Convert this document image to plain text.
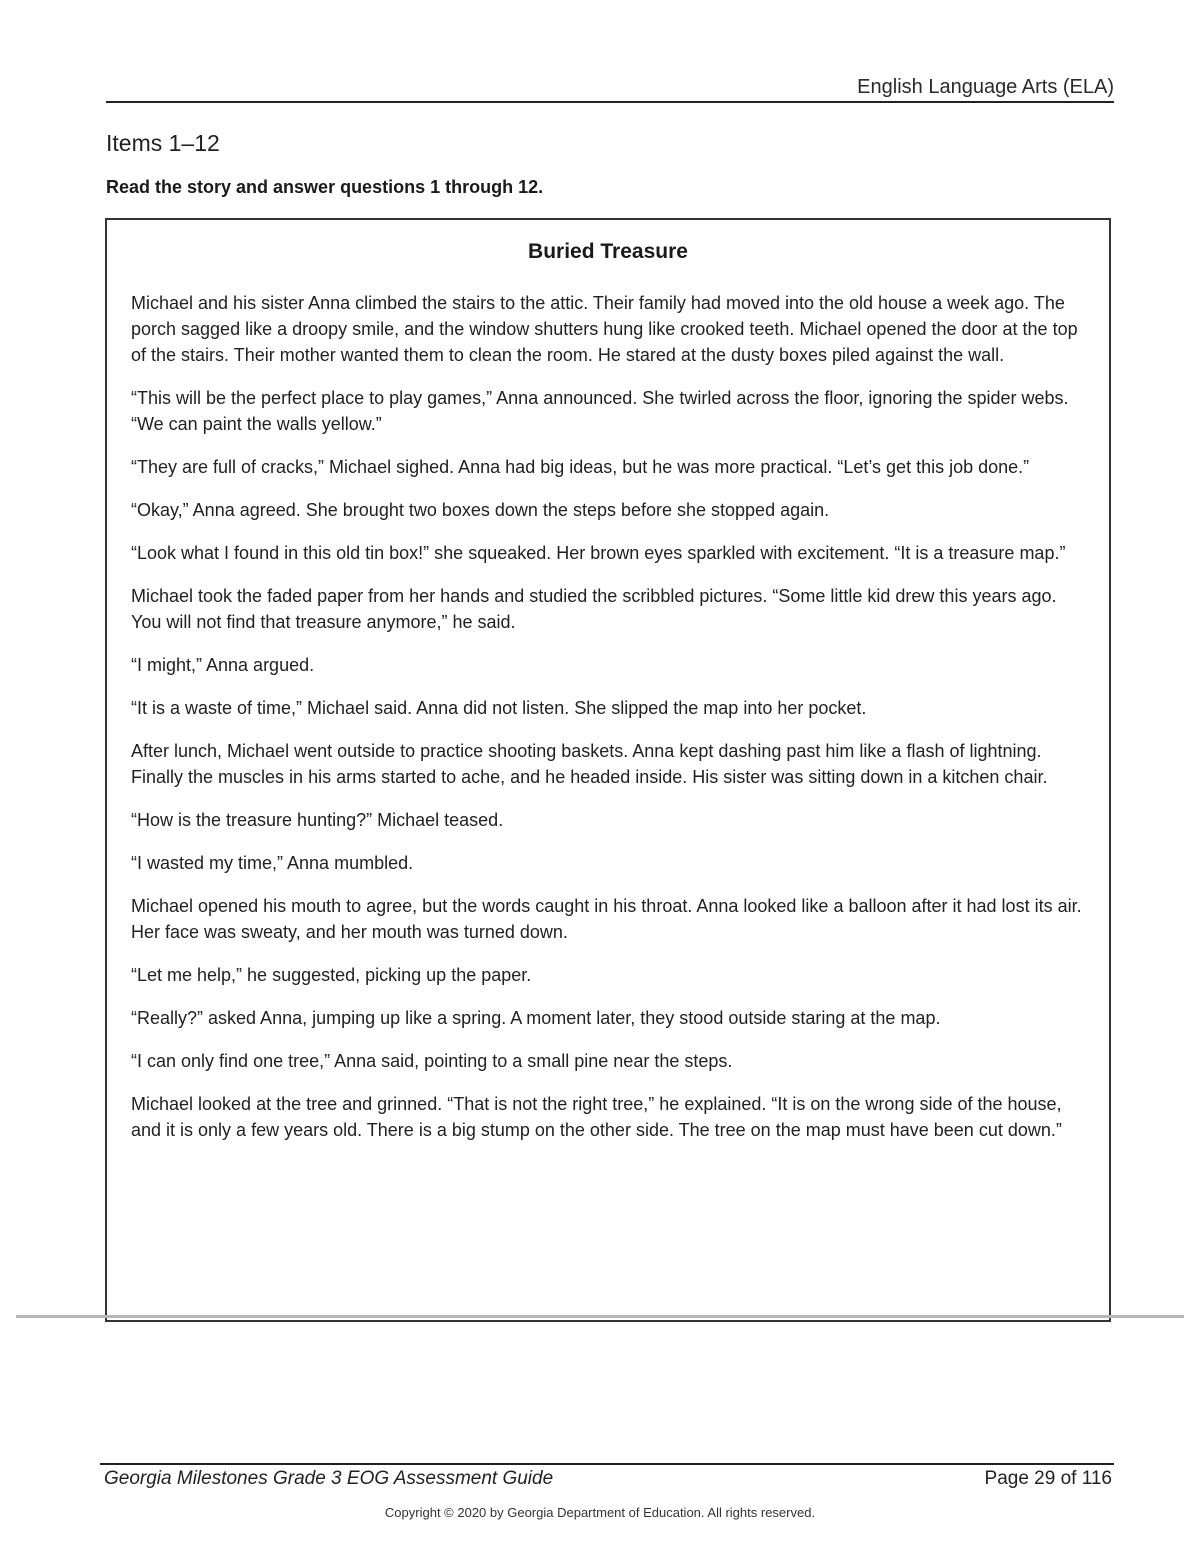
English Language Arts (ELA)
Items 1–12
Read the story and answer questions 1 through 12.
Buried Treasure

Michael and his sister Anna climbed the stairs to the attic. Their family had moved into the old house a week ago. The porch sagged like a droopy smile, and the window shutters hung like crooked teeth. Michael opened the door at the top of the stairs. Their mother wanted them to clean the room. He stared at the dusty boxes piled against the wall.

“This will be the perfect place to play games,” Anna announced. She twirled across the floor, ignoring the spider webs. “We can paint the walls yellow.”

“They are full of cracks,” Michael sighed. Anna had big ideas, but he was more practical. “Let’s get this job done.”

“Okay,” Anna agreed. She brought two boxes down the steps before she stopped again.

“Look what I found in this old tin box!” she squeaked. Her brown eyes sparkled with excitement. “It is a treasure map.”

Michael took the faded paper from her hands and studied the scribbled pictures. “Some little kid drew this years ago. You will not find that treasure anymore,” he said.

“I might,” Anna argued.

“It is a waste of time,” Michael said. Anna did not listen. She slipped the map into her pocket.

After lunch, Michael went outside to practice shooting baskets. Anna kept dashing past him like a flash of lightning. Finally the muscles in his arms started to ache, and he headed inside. His sister was sitting down in a kitchen chair.

“How is the treasure hunting?” Michael teased.

“I wasted my time,” Anna mumbled.

Michael opened his mouth to agree, but the words caught in his throat. Anna looked like a balloon after it had lost its air. Her face was sweaty, and her mouth was turned down.

“Let me help,” he suggested, picking up the paper.

“Really?” asked Anna, jumping up like a spring. A moment later, they stood outside staring at the map.

“I can only find one tree,” Anna said, pointing to a small pine near the steps.

Michael looked at the tree and grinned. “That is not the right tree,” he explained. “It is on the wrong side of the house, and it is only a few years old. There is a big stump on the other side. The tree on the map must have been cut down.”

Georgia Milestones Grade 3 EOG Assessment Guide	Page 29 of 116
Copyright © 2020 by Georgia Department of Education. All rights reserved.
